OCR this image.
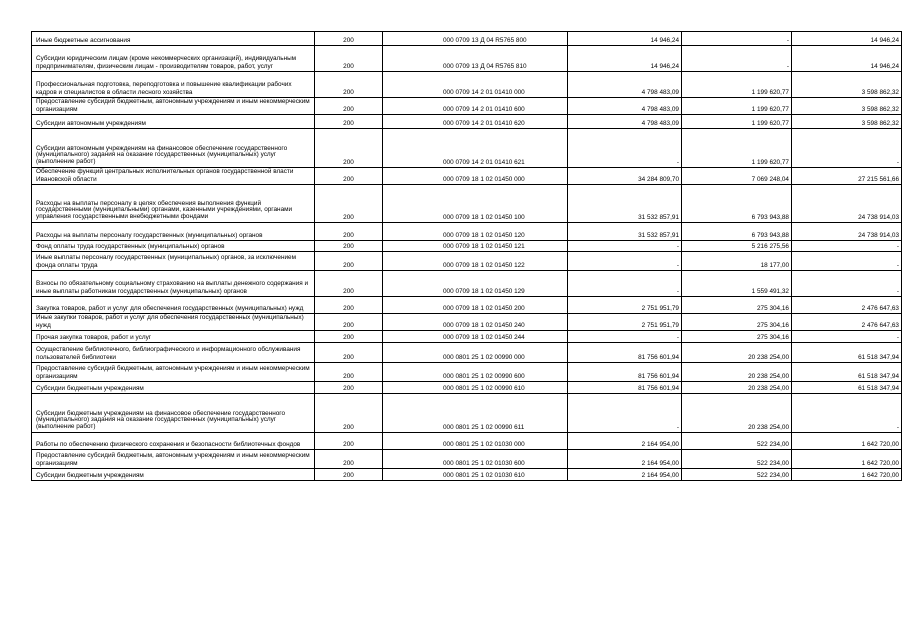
Иные бюджетные ассигнования	200	000 0709 13 Д 04 R5765 800	14 946,24	-	14 946,24
Субсидии юридическим лицам (кроме некоммерческих организаций), индивидуальным предпринимателям, физическим лицам - производителям товаров, работ, услуг	200	000 0709 13 Д 04 R5765 810	14 946,24	-	14 946,24
Профессиональная подготовка, переподготовка и повышение квалификации рабочих кадров и специалистов в области лесного хозяйства	200	000 0709 14 2 01 01410 000	4 798 483,09	1 199 620,77	3 598 862,32
Предоставление субсидий бюджетным, автономным учреждениям и иным некоммерческим организациям	200	000 0709 14 2 01 01410 600	4 798 483,09	1 199 620,77	3 598 862,32
Субсидии автономным учреждениям	200	000 0709 14 2 01 01410 620	4 798 483,09	1 199 620,77	3 598 862,32
Субсидии автономным учреждениям на финансовое обеспечение государственного (муниципального) задания на оказание государственных (муниципальных) услуг (выполнение работ)	200	000 0709 14 2 01 01410 621	-	1 199 620,77	-
Обеспечение функций центральных исполнительных органов государственной власти Ивановской области	200	000 0709 18 1 02 01450 000	34 284 809,70	7 069 248,04	27 215 561,66
Расходы на выплаты персоналу в целях обеспечения выполнения функций государственными (муниципальными) органами, казенными учреждениями, органами управления государственными внебюджетными фондами	200	000 0709 18 1 02 01450 100	31 532 857,91	6 793 943,88	24 738 914,03
Расходы на выплаты персоналу государственных (муниципальных) органов	200	000 0709 18 1 02 01450 120	31 532 857,91	6 793 943,88	24 738 914,03
Фонд оплаты труда государственных (муниципальных) органов	200	000 0709 18 1 02 01450 121	-	5 216 275,56	-
Иные выплаты персоналу государственных (муниципальных) органов, за исключением фонда оплаты труда	200	000 0709 18 1 02 01450 122	-	18 177,00	-
Взносы по обязательному социальному страхованию на выплаты денежного содержания и иные выплаты работникам государственных (муниципальных) органов	200	000 0709 18 1 02 01450 129	-	1 559 491,32	-
Закупка товаров, работ и услуг для обеспечения государственных (муниципальных) нужд	200	000 0709 18 1 02 01450 200	2 751 951,79	275 304,16	2 476 647,63
Иные закупки товаров, работ и услуг для обеспечения государственных (муниципальных) нужд	200	000 0709 18 1 02 01450 240	2 751 951,79	275 304,16	2 476 647,63
Прочая закупка товаров, работ и услуг	200	000 0709 18 1 02 01450 244	-	275 304,16	-
Осуществление библиотечного, библиографического и информационного обслуживания пользователей библиотеки	200	000 0801 25 1 02 00990 000	81 756 601,94	20 238 254,00	61 518 347,94
Предоставление субсидий бюджетным, автономным учреждениям и иным некоммерческим организациям	200	000 0801 25 1 02 00990 600	81 756 601,94	20 238 254,00	61 518 347,94
Субсидии бюджетным учреждениям	200	000 0801 25 1 02 00990 610	81 756 601,94	20 238 254,00	61 518 347,94
Субсидии бюджетным учреждениям на финансовое обеспечение государственного (муниципального) задания на оказание государственных (муниципальных) услуг (выполнение работ)	200	000 0801 25 1 02 00990 611	-	20 238 254,00	-
Работы по обеспечению физического сохранения и безопасности библиотечных фондов	200	000 0801 25 1 02 01030 000	2 164 954,00	522 234,00	1 642 720,00
Предоставление субсидий бюджетным, автономным учреждениям и иным некоммерческим организациям	200	000 0801 25 1 02 01030 600	2 164 954,00	522 234,00	1 642 720,00
Субсидии бюджетным учреждениям	200	000 0801 25 1 02 01030 610	2 164 954,00	522 234,00	1 642 720,00
